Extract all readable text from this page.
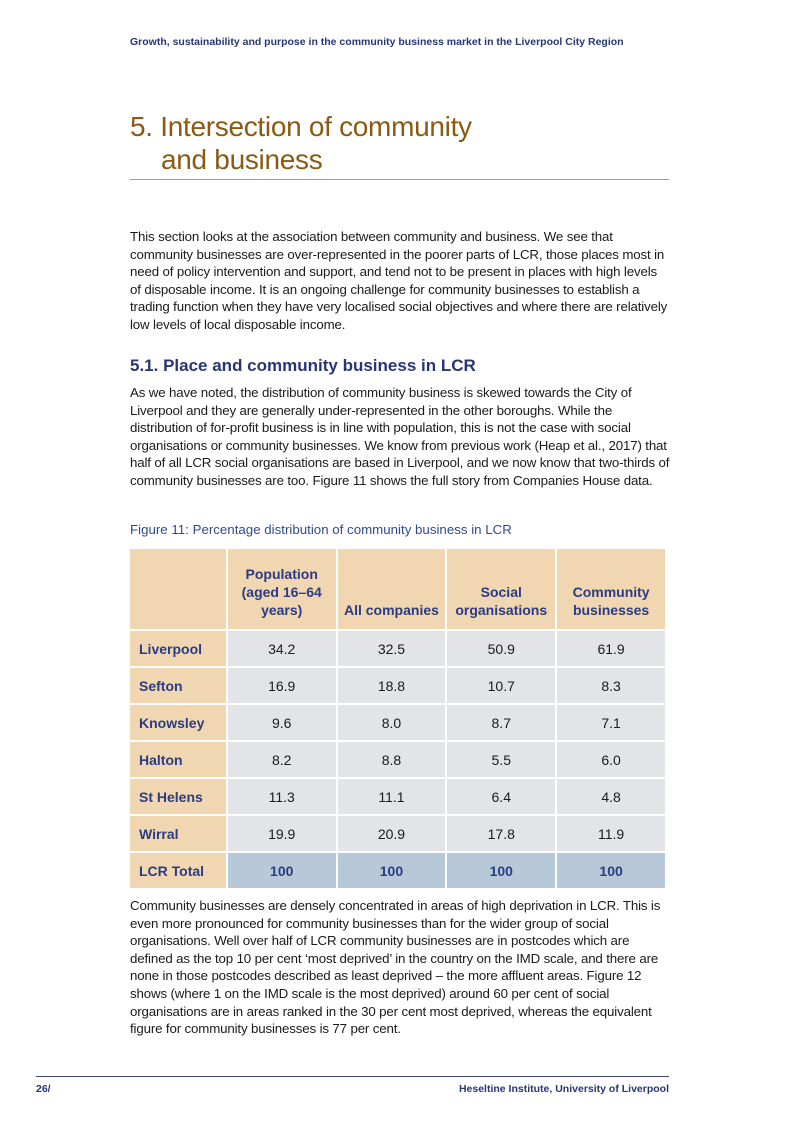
Growth, sustainability and purpose in the community business market in the Liverpool City Region
5. Intersection of community
and business

This section looks at the association between community and business. We see that community businesses are over-represented in the poorer parts of LCR, those places most in need of policy intervention and support, and tend not to be present in places with high levels of disposable income. It is an ongoing challenge for community businesses to establish a trading function when they have very localised social objectives and where there are relatively low levels of local disposable income.

5.1. Place and community business in LCR

As we have noted, the distribution of community business is skewed towards the City of Liverpool and they are generally under-represented in the other boroughs. While the distribution of for-profit business is in line with population, this is not the case with social organisations or community businesses. We know from previous work (Heap et al., 2017) that half of all LCR social organisations are based in Liverpool, and we now know that two-thirds of community businesses are too. Figure 11 shows the full story from Companies House data.

Figure 11: Percentage distribution of community business in LCR
	Population (aged 16–64 years)	All companies	Social organisations	Community businesses
Liverpool	34.2	32.5	50.9	61.9
Sefton	16.9	18.8	10.7	8.3
Knowsley	9.6	8.0	8.7	7.1
Halton	8.2	8.8	5.5	6.0
St Helens	11.3	11.1	6.4	4.8
Wirral	19.9	20.9	17.8	11.9
LCR Total	100	100	100	100

Community businesses are densely concentrated in areas of high deprivation in LCR. This is even more pronounced for community businesses than for the wider group of social organisations. Well over half of LCR community businesses are in postcodes which are defined as the top 10 per cent ‘most deprived’ in the country on the IMD scale, and there are none in those postcodes described as least deprived – the more affluent areas. Figure 12 shows (where 1 on the IMD scale is the most deprived) around 60 per cent of social organisations are in areas ranked in the 30 per cent most deprived, whereas the equivalent figure for community businesses is 77 per cent.

26/	Heseltine Institute, University of Liverpool
